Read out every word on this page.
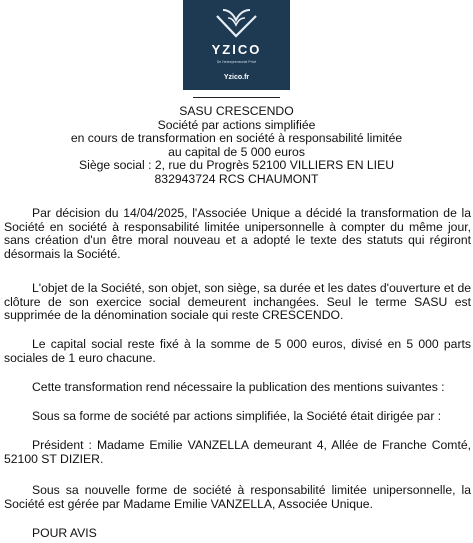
YZICO
De l'entrepreneuriat Privé
Yzico.fr
SASU CRESCENDO
Société par actions simplifiée
en cours de transformation en société à responsabilité limitée
au capital de 5 000 euros
Siège social : 2, rue du Progrès 52100 VILLIERS EN LIEU
832943724 RCS CHAUMONT

Par décision du 14/04/2025, l'Associée Unique a décidé la transformation de la Société en société à responsabilité limitée unipersonnelle à compter du même jour, sans création d'un être moral nouveau et a adopté le texte des statuts qui régiront désormais la Société.

L'objet de la Société, son objet, son siège, sa durée et les dates d'ouverture et de clôture de son exercice social demeurent inchangées. Seul le terme SASU est supprimée de la dénomination sociale qui reste CRESCENDO.

Le capital social reste fixé à la somme de 5 000 euros, divisé en 5 000 parts sociales de 1 euro chacune.

Cette transformation rend nécessaire la publication des mentions suivantes :

Sous sa forme de société par actions simplifiée, la Société était dirigée par :

Président : Madame Emilie VANZELLA demeurant 4, Allée de Franche Comté, 52100 ST DIZIER.

Sous sa nouvelle forme de société à responsabilité limitée unipersonnelle, la Société est gérée par Madame Emilie VANZELLA, Associée Unique.

POUR AVIS
